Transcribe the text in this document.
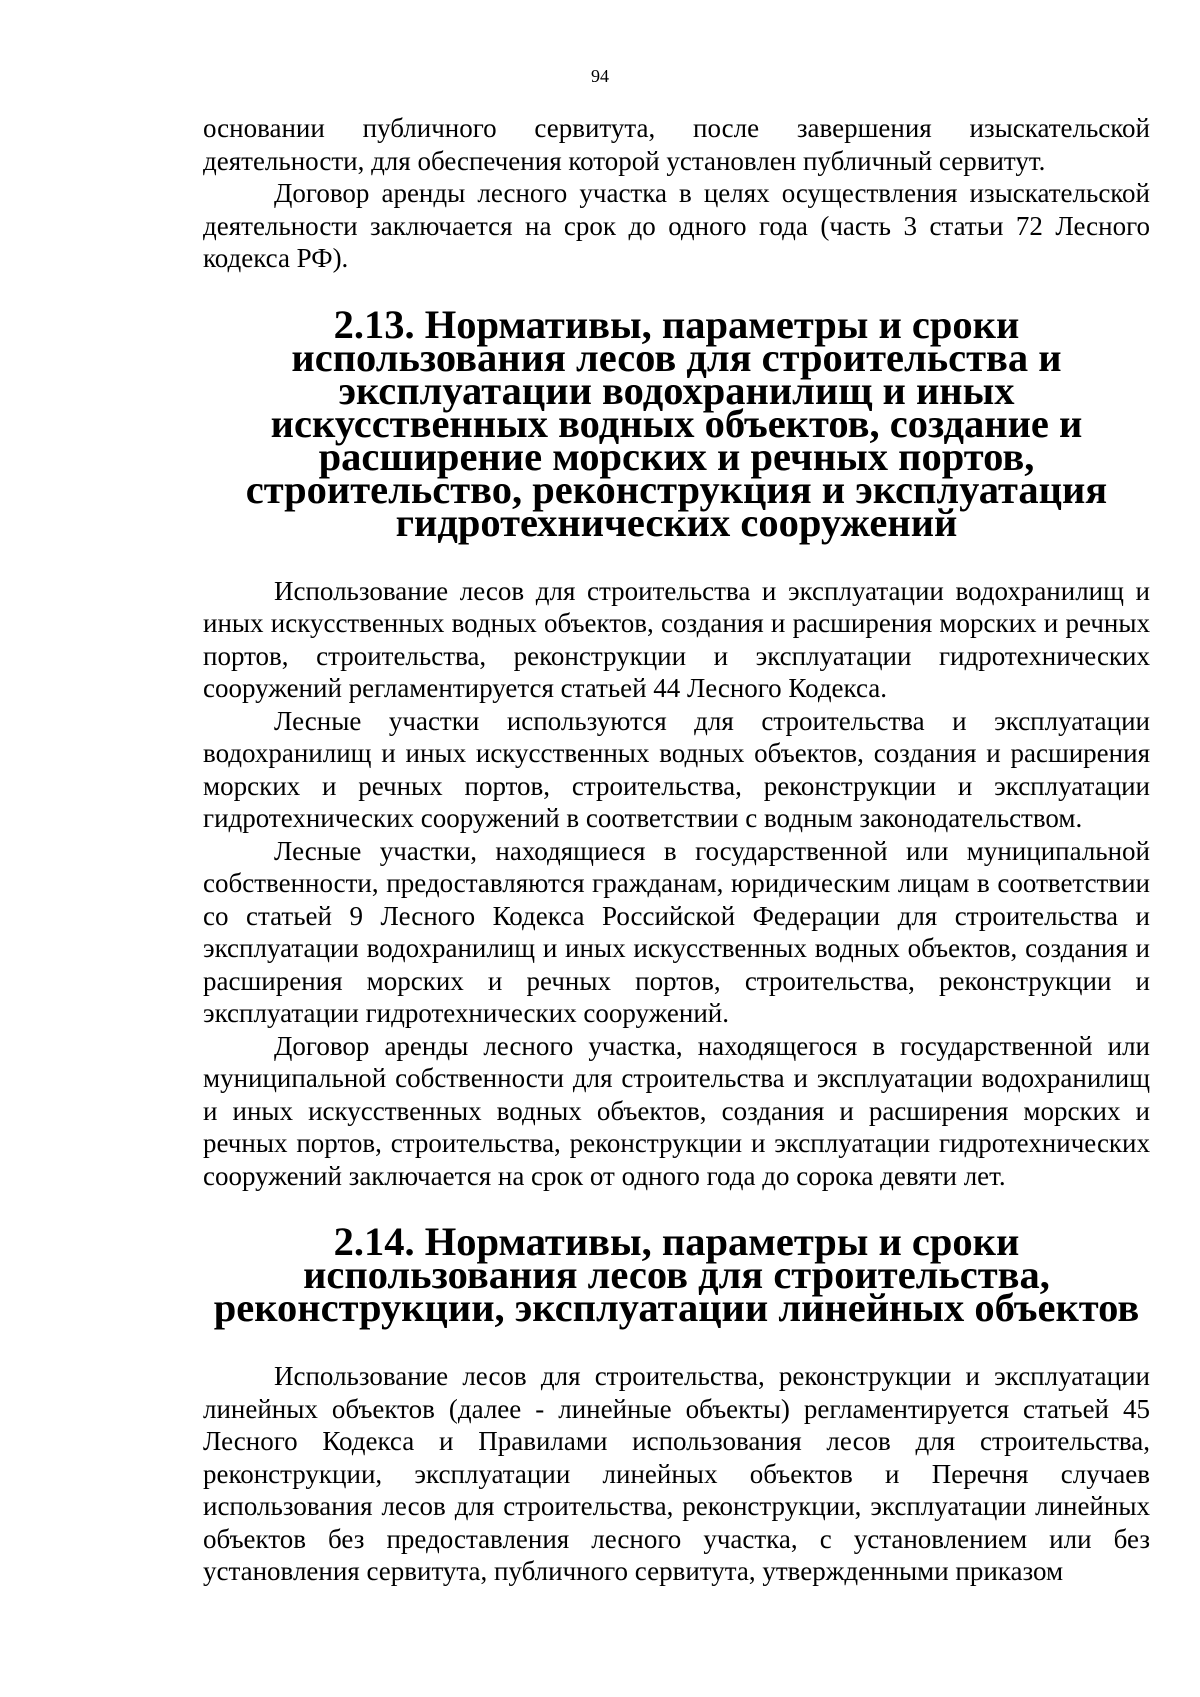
94

основании публичного сервитута, после завершения изыскательской деятельности, для обеспечения которой установлен публичный сервитут.

Договор аренды лесного участка в целях осуществления изыскательской деятельности заключается на срок до одного года (часть 3 статьи 72 Лесного кодекса РФ).

2.13. Нормативы, параметры и сроки использования лесов для строительства и эксплуатации водохранилищ и иных искусственных водных объектов, создание и расширение морских и речных портов, строительство, реконструкция и эксплуатация гидротехнических сооружений

Использование лесов для строительства и эксплуатации водохранилищ и иных искусственных водных объектов, создания и расширения морских и речных портов, строительства, реконструкции и эксплуатации гидротехнических сооружений регламентируется статьей 44 Лесного Кодекса.

Лесные участки используются для строительства и эксплуатации водохранилищ и иных искусственных водных объектов, создания и расширения морских и речных портов, строительства, реконструкции и эксплуатации гидротехнических сооружений в соответствии с водным законодательством.

Лесные участки, находящиеся в государственной или муниципальной собственности, предоставляются гражданам, юридическим лицам в соответствии со статьей 9 Лесного Кодекса Российской Федерации для строительства и эксплуатации водохранилищ и иных искусственных водных объектов, создания и расширения морских и речных портов, строительства, реконструкции и эксплуатации гидротехнических сооружений.

Договор аренды лесного участка, находящегося в государственной или муниципальной собственности для строительства и эксплуатации водохранилищ и иных искусственных водных объектов, создания и расширения морских и речных портов, строительства, реконструкции и эксплуатации гидротехнических сооружений заключается на срок от одного года до сорока девяти лет.

2.14. Нормативы, параметры и сроки использования лесов для строительства, реконструкции, эксплуатации линейных объектов

Использование лесов для строительства, реконструкции и эксплуатации линейных объектов (далее - линейные объекты) регламентируется статьей 45 Лесного Кодекса и Правилами использования лесов для строительства, реконструкции, эксплуатации линейных объектов и Перечня случаев использования лесов для строительства, реконструкции, эксплуатации линейных объектов без предоставления лесного участка, с установлением или без установления сервитута, публичного сервитута, утвержденными приказом
